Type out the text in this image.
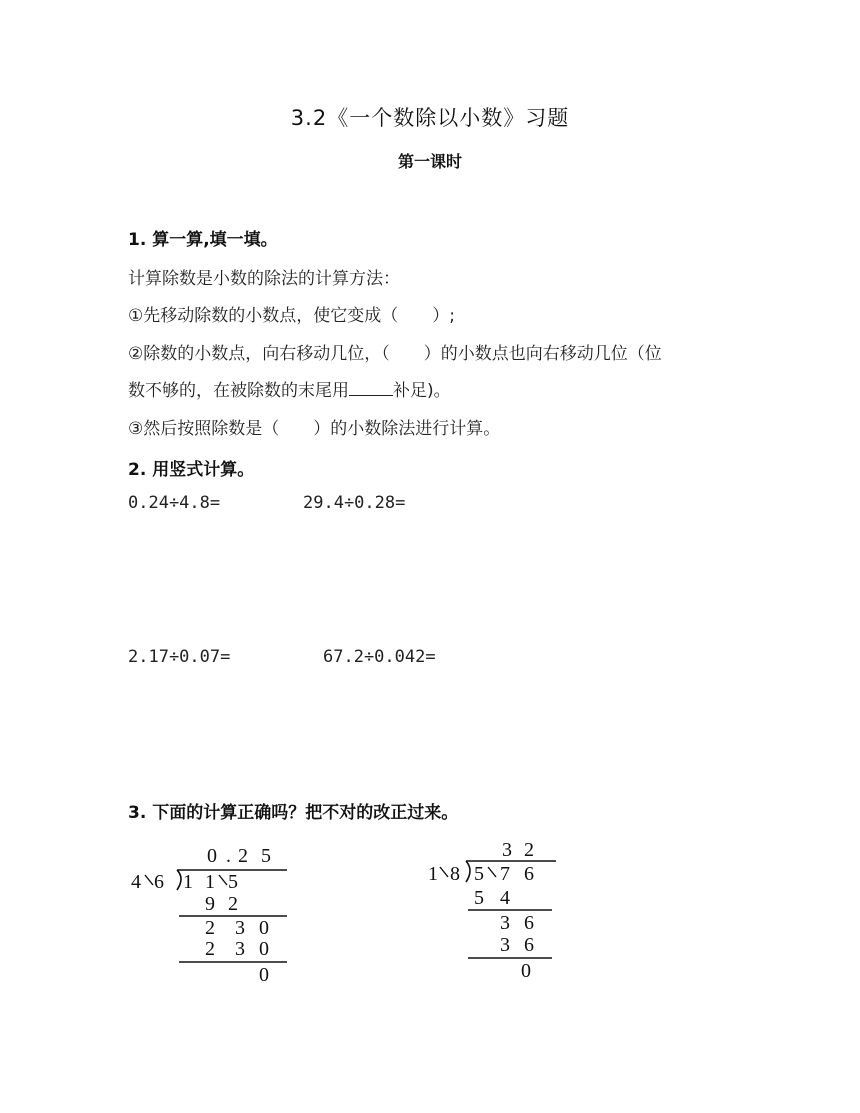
3.2《一个数除以小数》习题
第一课时
1. 算一算,填一填。
计算除数是小数的除法的计算方法：
①先移动除数的小数点，使它变成（　　）;
②除数的小数点，向右移动几位，（　　）的小数点也向右移动几位（位
数不够的，在被除数的末尾用	补足)。
③然后按照除数是（　　）的小数除法进行计算。
2. 用竖式计算。
0.24÷4.8=	29.4÷0.28=
2.17÷0.07=	67.2÷0.042=
3. 下面的计算正确吗？把不对的改正过来。
0 . 2 5
4 6 1 1 5
9 2
2 3 0
2 3 0
0
3 2
1 8 5 7 6
5 4
3 6
3 6
0
